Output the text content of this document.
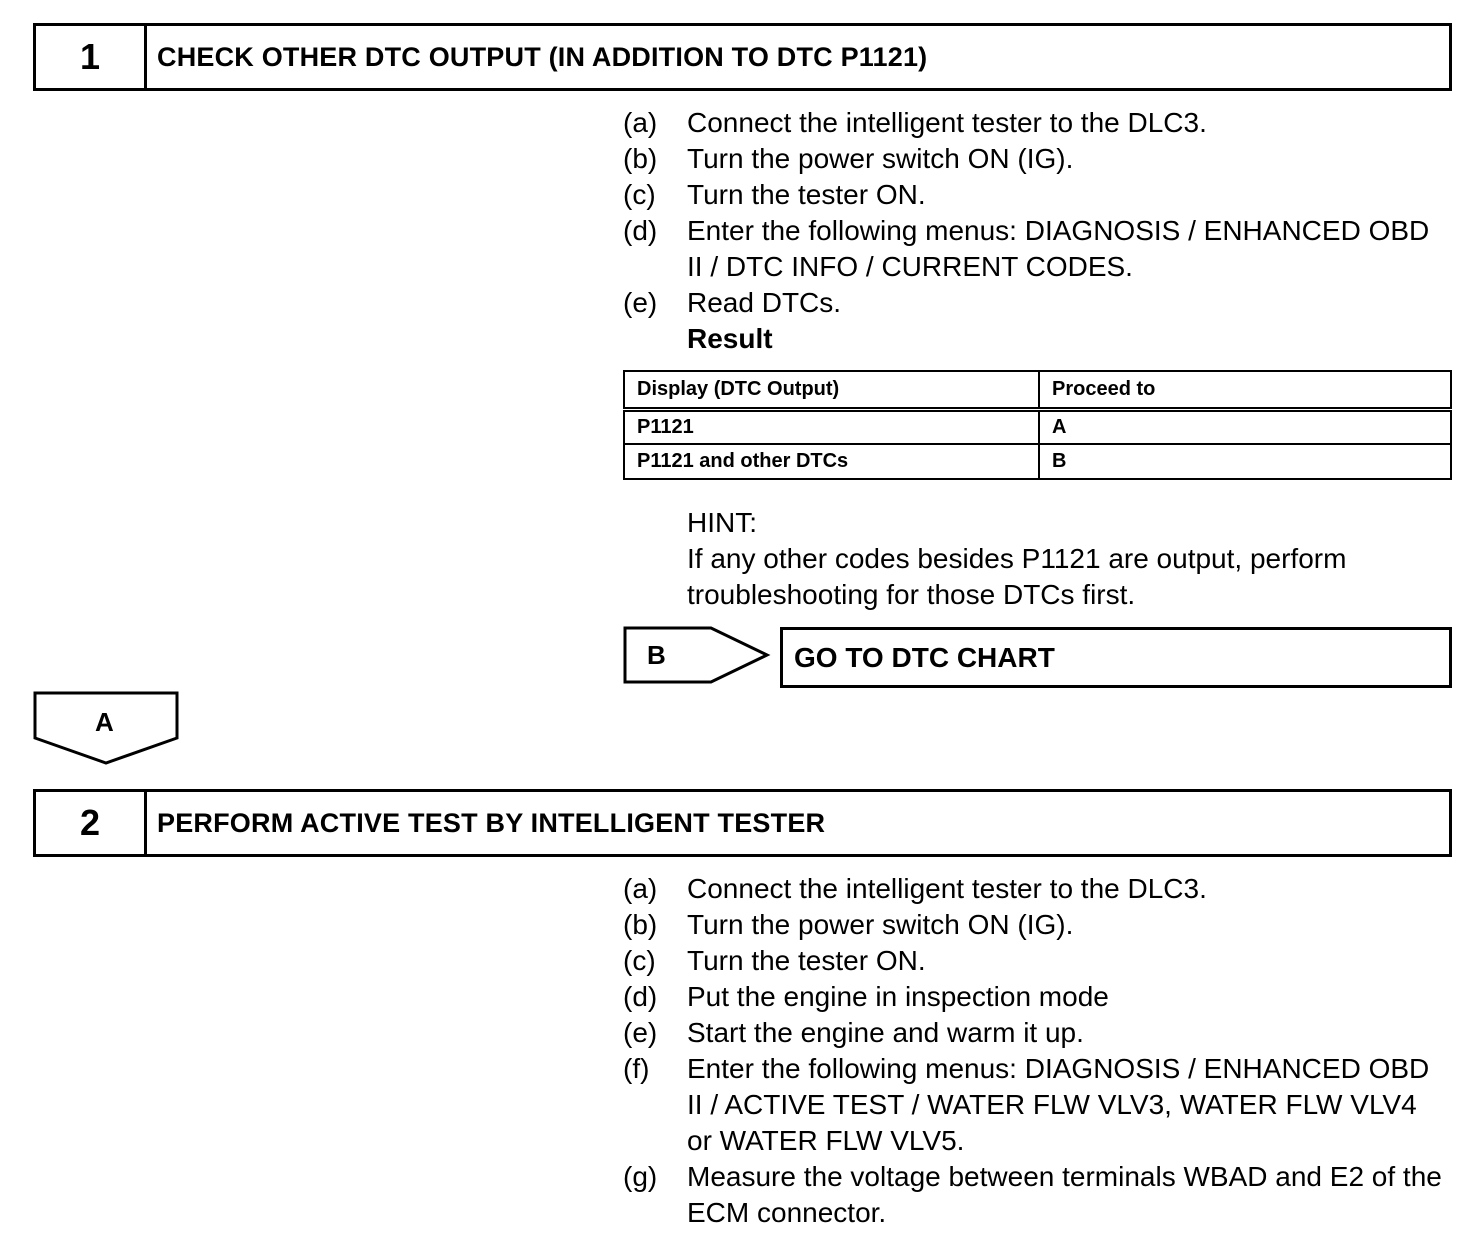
1	CHECK OTHER DTC OUTPUT (IN ADDITION TO DTC P1121)
(a)	Connect the intelligent tester to the DLC3.
(b)	Turn the power switch ON (IG).
(c)	Turn the tester ON.
(d)	Enter the following menus: DIAGNOSIS / ENHANCED OBD II / DTC INFO / CURRENT CODES.
(e)	Read DTCs.
Result
Display (DTC Output)	Proceed to
P1121	A
P1121 and other DTCs	B
HINT:
If any other codes besides P1121 are output, perform troubleshooting for those DTCs first.
B	GO TO DTC CHART
A
2	PERFORM ACTIVE TEST BY INTELLIGENT TESTER
(a)	Connect the intelligent tester to the DLC3.
(b)	Turn the power switch ON (IG).
(c)	Turn the tester ON.
(d)	Put the engine in inspection mode
(e)	Start the engine and warm it up.
(f)	Enter the following menus: DIAGNOSIS / ENHANCED OBD II / ACTIVE TEST / WATER FLW VLV3, WATER FLW VLV4 or WATER FLW VLV5.
(g)	Measure the voltage between terminals WBAD and E2 of the ECM connector.
